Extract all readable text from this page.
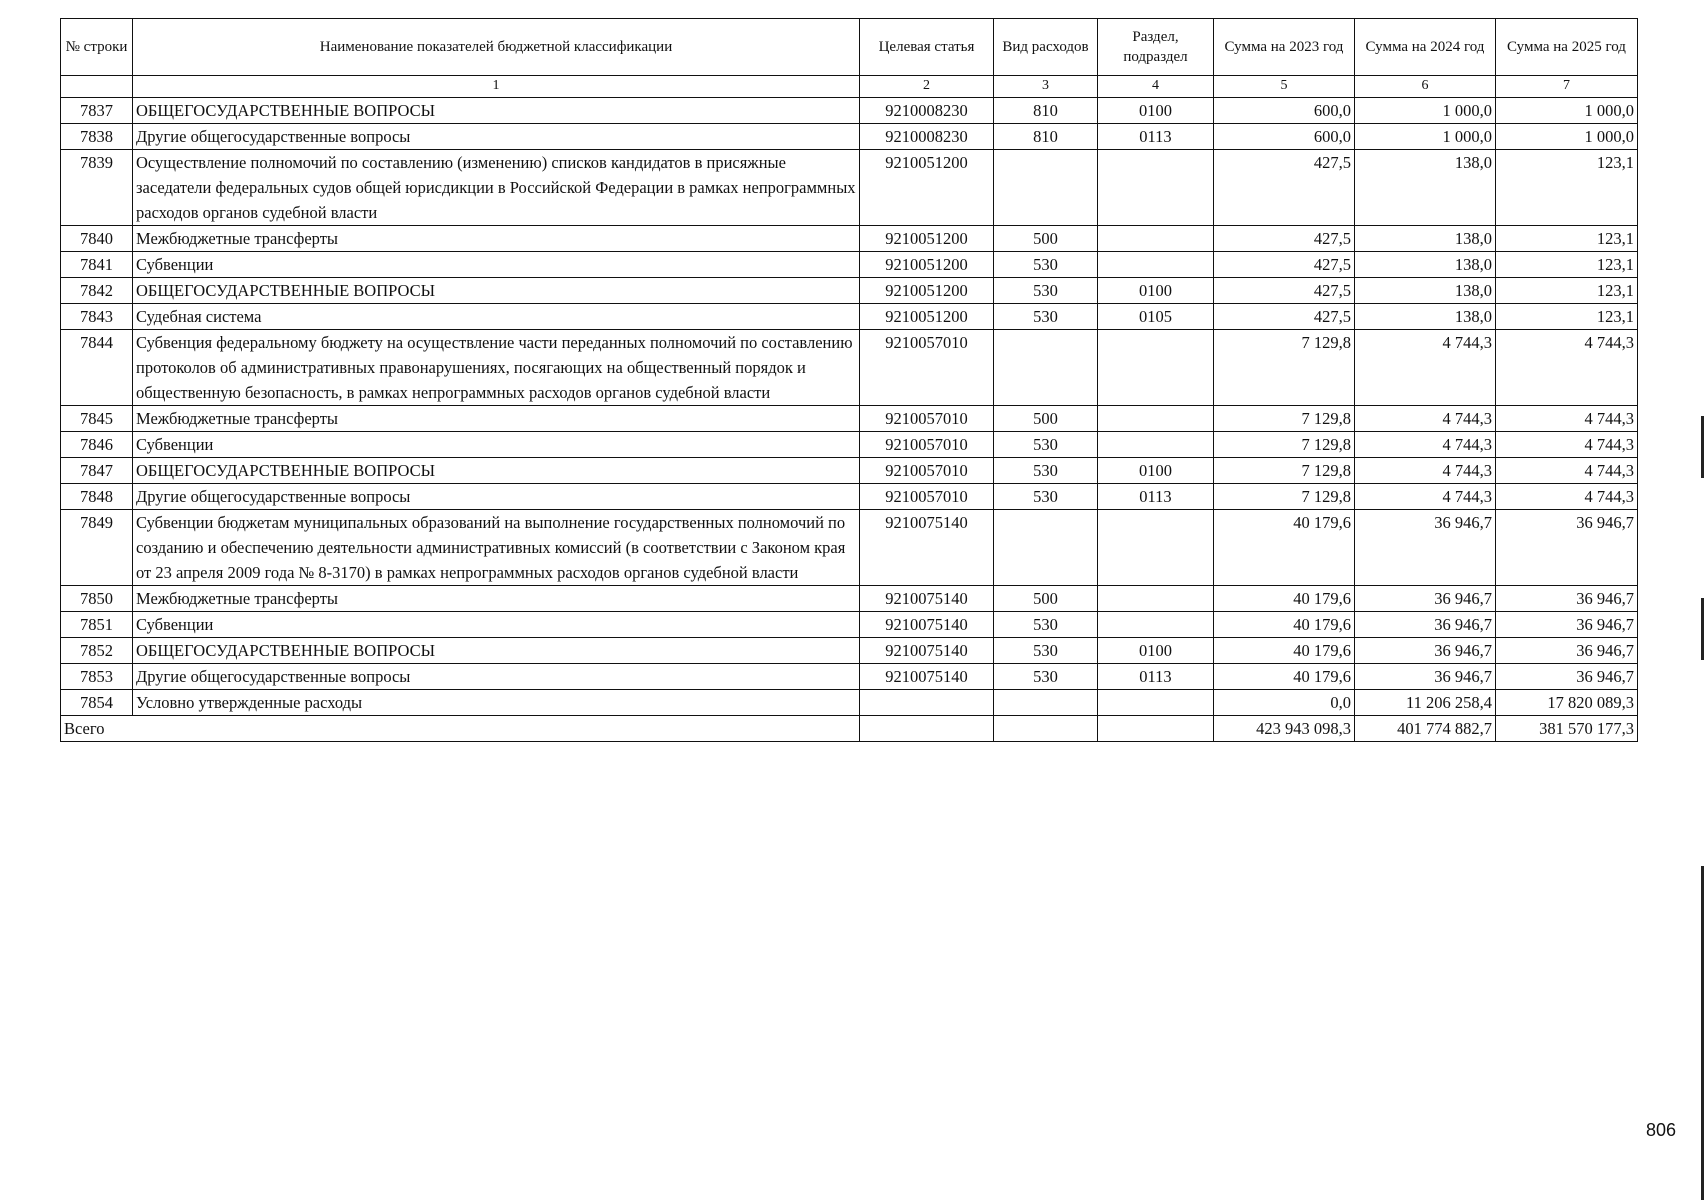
№ строки	Наименование показателей бюджетной классификации	Целевая статья	Вид расходов	Раздел, подраздел	Сумма на 2023 год	Сумма на 2024 год	Сумма на 2025 год
	1	2	3	4	5	6	7
7837	ОБЩЕГОСУДАРСТВЕННЫЕ ВОПРОСЫ	9210008230	810	0100	600,0	1 000,0	1 000,0
7838	Другие общегосударственные вопросы	9210008230	810	0113	600,0	1 000,0	1 000,0
7839	Осуществление полномочий по составлению (изменению) списков кандидатов в присяжные заседатели федеральных судов общей юрисдикции в Российской Федерации в рамках непрограммных расходов органов судебной власти	9210051200			427,5	138,0	123,1
7840	Межбюджетные трансферты	9210051200	500		427,5	138,0	123,1
7841	Субвенции	9210051200	530		427,5	138,0	123,1
7842	ОБЩЕГОСУДАРСТВЕННЫЕ ВОПРОСЫ	9210051200	530	0100	427,5	138,0	123,1
7843	Судебная система	9210051200	530	0105	427,5	138,0	123,1
7844	Субвенция федеральному бюджету на осуществление части переданных полномочий по составлению протоколов об административных правонарушениях, посягающих на общественный порядок и общественную безопасность, в рамках непрограммных расходов органов судебной власти	9210057010			7 129,8	4 744,3	4 744,3
7845	Межбюджетные трансферты	9210057010	500		7 129,8	4 744,3	4 744,3
7846	Субвенции	9210057010	530		7 129,8	4 744,3	4 744,3
7847	ОБЩЕГОСУДАРСТВЕННЫЕ ВОПРОСЫ	9210057010	530	0100	7 129,8	4 744,3	4 744,3
7848	Другие общегосударственные вопросы	9210057010	530	0113	7 129,8	4 744,3	4 744,3
7849	Субвенции бюджетам муниципальных образований на выполнение государственных полномочий по созданию и обеспечению деятельности административных комиссий (в соответствии с Законом края от 23 апреля 2009 года № 8-3170) в рамках непрограммных расходов органов судебной власти	9210075140			40 179,6	36 946,7	36 946,7
7850	Межбюджетные трансферты	9210075140	500		40 179,6	36 946,7	36 946,7
7851	Субвенции	9210075140	530		40 179,6	36 946,7	36 946,7
7852	ОБЩЕГОСУДАРСТВЕННЫЕ ВОПРОСЫ	9210075140	530	0100	40 179,6	36 946,7	36 946,7
7853	Другие общегосударственные вопросы	9210075140	530	0113	40 179,6	36 946,7	36 946,7
7854	Условно утвержденные расходы				0,0	11 206 258,4	17 820 089,3
Всего					423 943 098,3	401 774 882,7	381 570 177,3
806
